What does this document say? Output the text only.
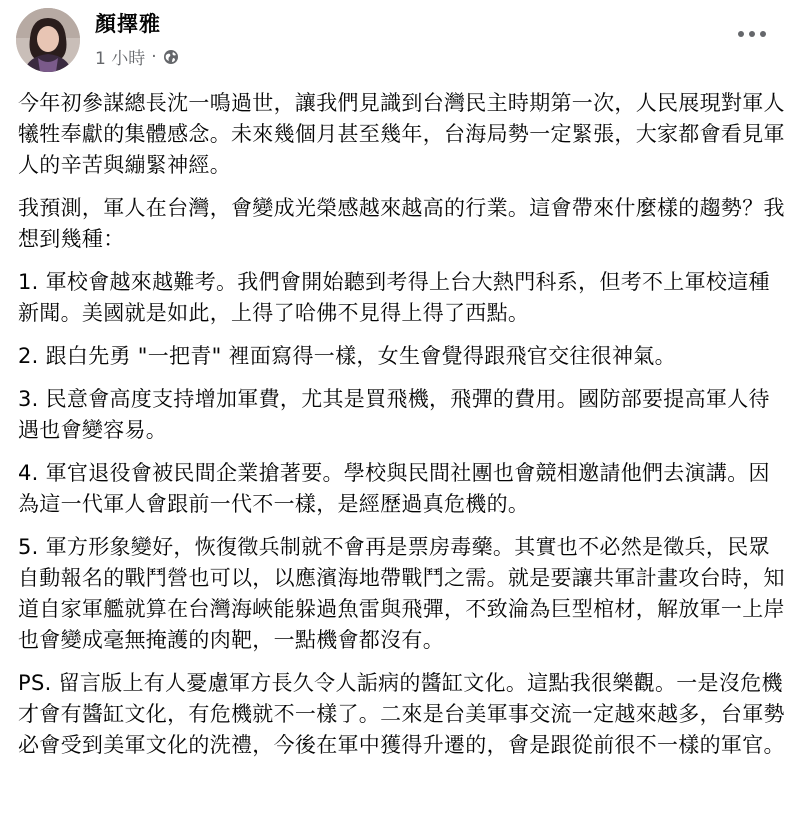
顏擇雅
1 小時 ·

今年初參謀總長沈一鳴過世，讓我們見識到台灣民主時期第一次，人民展現對軍人犧牲奉獻的集體感念。未來幾個月甚至幾年，台海局勢一定緊張，大家都會看見軍人的辛苦與繃緊神經。

我預測，軍人在台灣，會變成光榮感越來越高的行業。這會帶來什麼樣的趨勢？我想到幾種：

1. 軍校會越來越難考。我們會開始聽到考得上台大熱門科系，但考不上軍校這種新聞。美國就是如此，上得了哈佛不見得上得了西點。

2. 跟白先勇 "一把青" 裡面寫得一樣，女生會覺得跟飛官交往很神氣。

3. 民意會高度支持增加軍費，尤其是買飛機，飛彈的費用。國防部要提高軍人待遇也會變容易。

4. 軍官退役會被民間企業搶著要。學校與民間社團也會競相邀請他們去演講。因為這一代軍人會跟前一代不一樣，是經歷過真危機的。

5. 軍方形象變好，恢復徵兵制就不會再是票房毒藥。其實也不必然是徵兵，民眾自動報名的戰鬥營也可以，以應濱海地帶戰鬥之需。就是要讓共軍計畫攻台時，知道自家軍艦就算在台灣海峽能躲過魚雷與飛彈，不致淪為巨型棺材，解放軍一上岸也會變成毫無掩護的肉靶，一點機會都沒有。

PS. 留言版上有人憂慮軍方長久令人詬病的醬缸文化。這點我很樂觀。一是沒危機才會有醬缸文化，有危機就不一樣了。二來是台美軍事交流一定越來越多，台軍勢必會受到美軍文化的洗禮，今後在軍中獲得升遷的，會是跟從前很不一樣的軍官。
